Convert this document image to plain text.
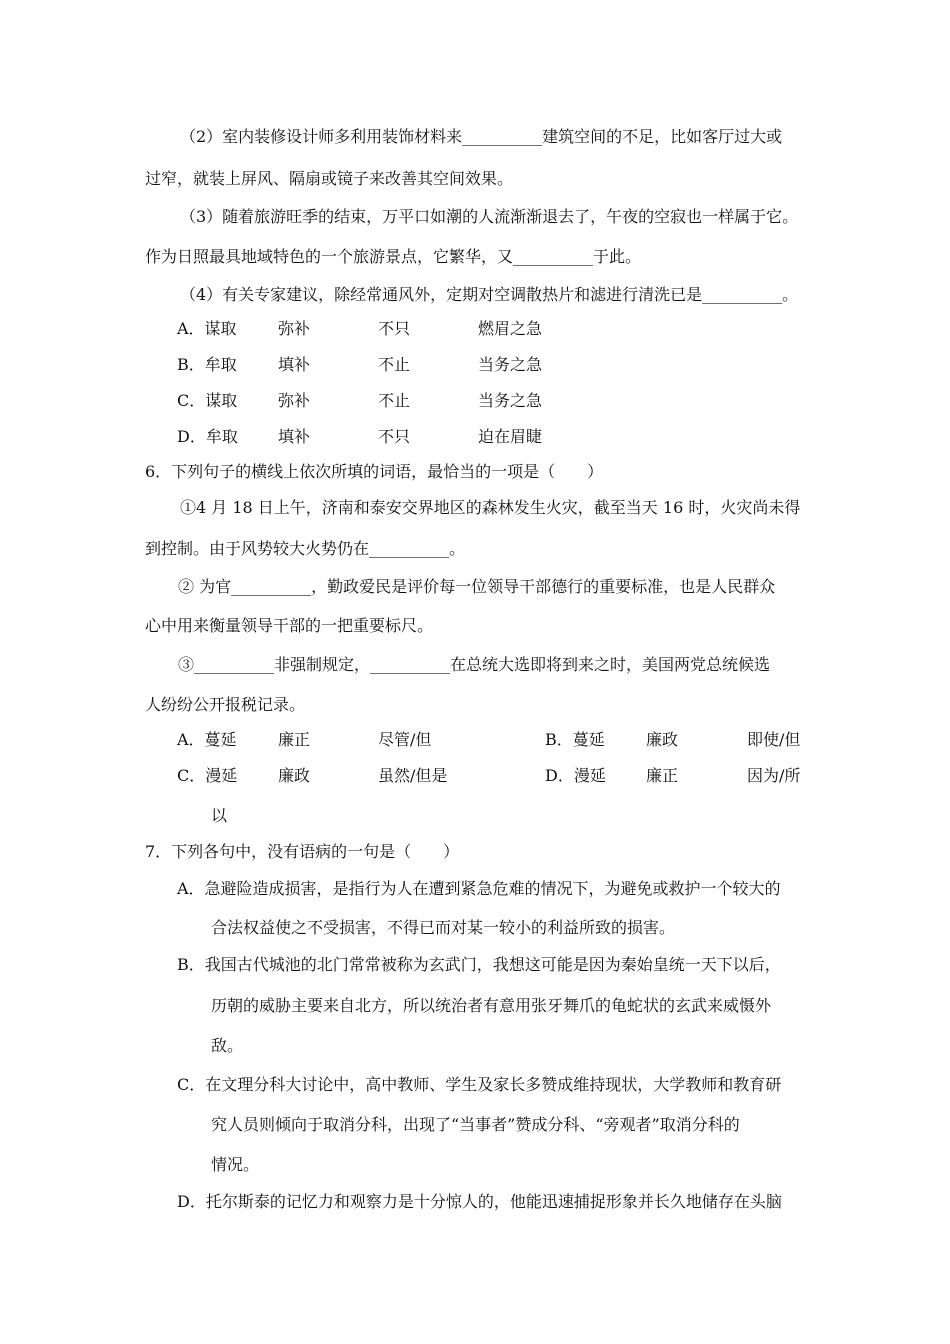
（2）室内装修设计师多利用装饰材料来__________建筑空间的不足，比如客厅过大或
过窄，就装上屏风、隔扇或镜子来改善其空间效果。
（3）随着旅游旺季的结束，万平口如潮的人流渐渐退去了，午夜的空寂也一样属于它。
作为日照最具地域特色的一个旅游景点，它繁华，又__________于此。
（4）有关专家建议，除经常通风外，定期对空调散热片和滤进行清洗已是__________。
A．谋取	弥补	不只	燃眉之急
B．牟取	填补	不止	当务之急
C．谋取	弥补	不止	当务之急
D．牟取	填补	不只	迫在眉睫
6．下列句子的横线上依次所填的词语，最恰当的一项是（　　）
①4 月 18 日上午，济南和泰安交界地区的森林发生火灾，截至当天 16 时，火灾尚未得
到控制。由于风势较大火势仍在__________。
② 为官__________，勤政爱民是评价每一位领导干部德行的重要标准，也是人民群众
心中用来衡量领导干部的一把重要标尺。
③__________非强制规定，__________在总统大选即将到来之时，美国两党总统候选
人纷纷公开报税记录。
A．蔓延	廉正	尽管/但	B．蔓延	廉政	即使/但
C．漫延	廉政	虽然/但是	D．漫延	廉正	因为/所
以
7．下列各句中，没有语病的一句是（　　）
A．急避险造成损害，是指行为人在遭到紧急危难的情况下，为避免或救护一个较大的
合法权益使之不受损害，不得已而对某一较小的利益所致的损害。
B．我国古代城池的北门常常被称为玄武门，我想这可能是因为秦始皇统一天下以后，
历朝的威胁主要来自北方，所以统治者有意用张牙舞爪的龟蛇状的玄武来威慑外
敌。
C．在文理分科大讨论中，高中教师、学生及家长多赞成维持现状，大学教师和教育研
究人员则倾向于取消分科，出现了“当事者”赞成分科、“旁观者”取消分科的
情况。
D．托尔斯泰的记忆力和观察力是十分惊人的，他能迅速捕捉形象并长久地储存在头脑
